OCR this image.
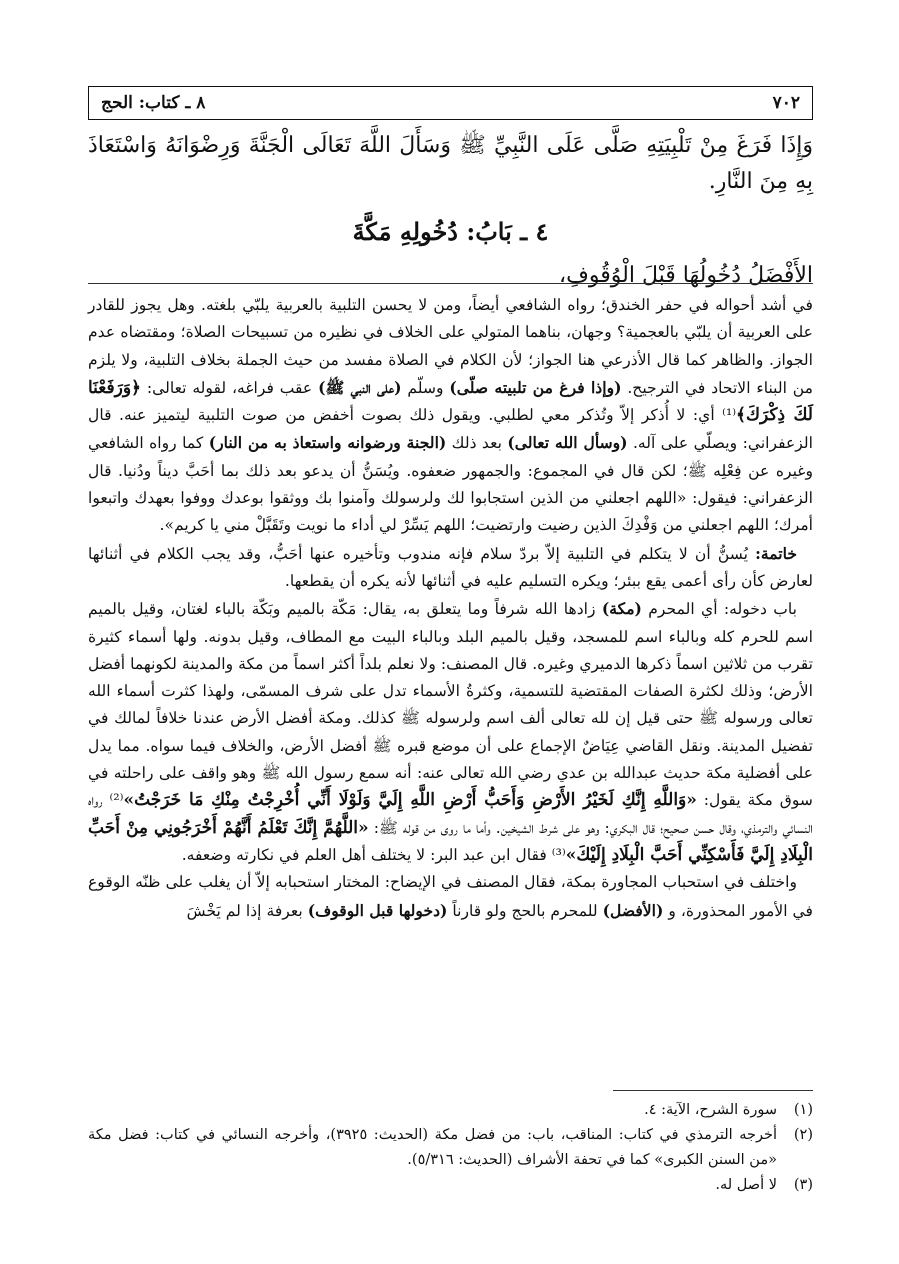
٧٠٢
٨ ـ كتاب: الحج
وَإِذَا فَرَغَ مِنْ تَلْبِيَتِهِ صَلَّى عَلَى النَّبِيِّ ﷺ وَسَأَلَ اللَّهَ تَعَالَى الْجَنَّةَ وَرِضْوَانَهُ وَاسْتَعَاذَ بِهِ مِنَ النَّارِ.
٤ ـ بَابُ: دُخُولِهِ مَكَّةَ
الأَفْضَلُ دُخُولُهَا قَبْلَ الْوُقُوفِ،

في أشد أحواله في حفر الخندق؛ رواه الشافعي أيضاً، ومن لا يحسن التلبية بالعربية يلبّي بلغته. وهل يجوز للقادر على العربية أن يلبّي بالعجمية؟ وجهان، بناهما المتولي على الخلاف في نظيره من تسبيحات الصلاة؛ ومقتضاه عدم الجواز. والظاهر كما قال الأذرعي هنا الجواز؛ لأن الكلام في الصلاة مفسد من حيث الجملة بخلاف التلبية، ولا يلزم من البناء الاتحاد في الترجيح. (وإذا فرغ من تلبيته صلّى) وسلّم (على النبي ﷺ) عقب فراغه، لقوله تعالى: ﴿وَرَفَعْنَا لَكَ ذِكْرَكَ﴾⁽¹⁾ أي: لا أُذكر إلاّ وتُذكر معي لطلبي. ويقول ذلك بصوت أخفض من صوت التلبية ليتميز عنه. قال الزعفراني: ويصلّي على آله. (وسأل الله تعالى) بعد ذلك (الجنة ورضوانه واستعاذ به من النار) كما رواه الشافعي وغيره عن فِعْلِه ﷺ؛ لكن قال في المجموع: والجمهور ضعفوه. ويُسَنُّ أن يدعو بعد ذلك بما أحَبَّ ديناً ودُنيا. قال الزعفراني: فيقول: «اللهم اجعلني من الذين استجابوا لك ولرسولك وآمنوا بك ووثقوا بوعدك ووفوا بعهدك واتبعوا أمرك؛ اللهم اجعلني من وَفْدِكَ الذين رضيت وارتضيت؛ اللهم يَسِّرْ لي أداء ما نويت وتَقَبَّلْ مني يا كريم».

خاتمة: يُسنُّ أن لا يتكلم في التلبية إلاّ بردّ سلام فإنه مندوب وتأخيره عنها أحَبُّ، وقد يجب الكلام في أثنائها لعارض كأن رأى أعمى يقع ببئر؛ ويكره التسليم عليه في أثنائها لأنه يكره أن يقطعها.

باب دخوله: أي المحرم (مكة) زادها الله شرفاً وما يتعلق به، يقال: مَكّة بالميم وبَكّة بالباء لغتان، وقيل بالميم اسم للحرم كله وبالباء اسم للمسجد، وقيل بالميم البلد وبالباء البيت مع المطاف، وقيل بدونه. ولها أسماء كثيرة تقرب من ثلاثين اسماً ذكرها الدميري وغيره. قال المصنف: ولا نعلم بلداً أكثر اسماً من مكة والمدينة لكونهما أفضل الأرض؛ وذلك لكثرة الصفات المقتضية للتسمية، وكثرةُ الأسماء تدل على شرف المسمّى، ولهذا كثرت أسماء الله تعالى ورسوله ﷺ حتى قيل إن لله تعالى ألف اسم ولرسوله ﷺ كذلك. ومكة أفضل الأرض عندنا خلافاً لمالك في تفضيل المدينة. ونقل القاضي عِيَاضٌ الإجماع على أن موضع قبره ﷺ أفضل الأرض، والخلاف فيما سواه. مما يدل على أفضلية مكة حديث عبدالله بن عدي رضي الله تعالى عنه: أنه سمع رسول الله ﷺ وهو واقف على راحلته في سوق مكة يقول: «وَاللَّهِ إِنَّكِ لَخَيْرُ الأَرْضِ وَأَحَبُّ أَرْضِ اللَّهِ إِلَيَّ وَلَوْلَا أَنِّي أُخْرِجْتُ مِنْكِ مَا خَرَجْتُ»⁽²⁾ رواه النسائي والترمذي، وقال حسن صحيح؛ قال البكري: وهو على شرط الشيخين. وأما ما روى من قوله ﷺ: «اللَّهُمَّ إِنَّكَ تَعْلَمُ أَنَّهُمْ أَخْرَجُونِي مِنْ أَحَبِّ الْبِلَادِ إِلَيَّ فَأَسْكِنِّي أَحَبَّ الْبِلَادِ إِلَيْكَ»⁽³⁾ فقال ابن عبد البر: لا يختلف أهل العلم في نكارته وضعفه.

واختلف في استحباب المجاورة بمكة، فقال المصنف في الإيضاح: المختار استحبابه إلاّ أن يغلب على ظنّه الوقوع في الأمور المحذورة، و (الأفضل) للمحرم بالحج ولو قارناً (دخولها قبل الوقوف) بعرفة إذا لم يَخْشَ

(١)
سورة الشرح، الآية: ٤.
(٢)
أخرجه الترمذي في كتاب: المناقب، باب: من فضل مكة (الحديث: ٣٩٢٥)، وأخرجه النسائي في كتاب: فضل مكة «من السنن الكبرى» كما في تحفة الأشراف (الحديث: ٥/٣١٦).
(٣)
لا أصل له.
